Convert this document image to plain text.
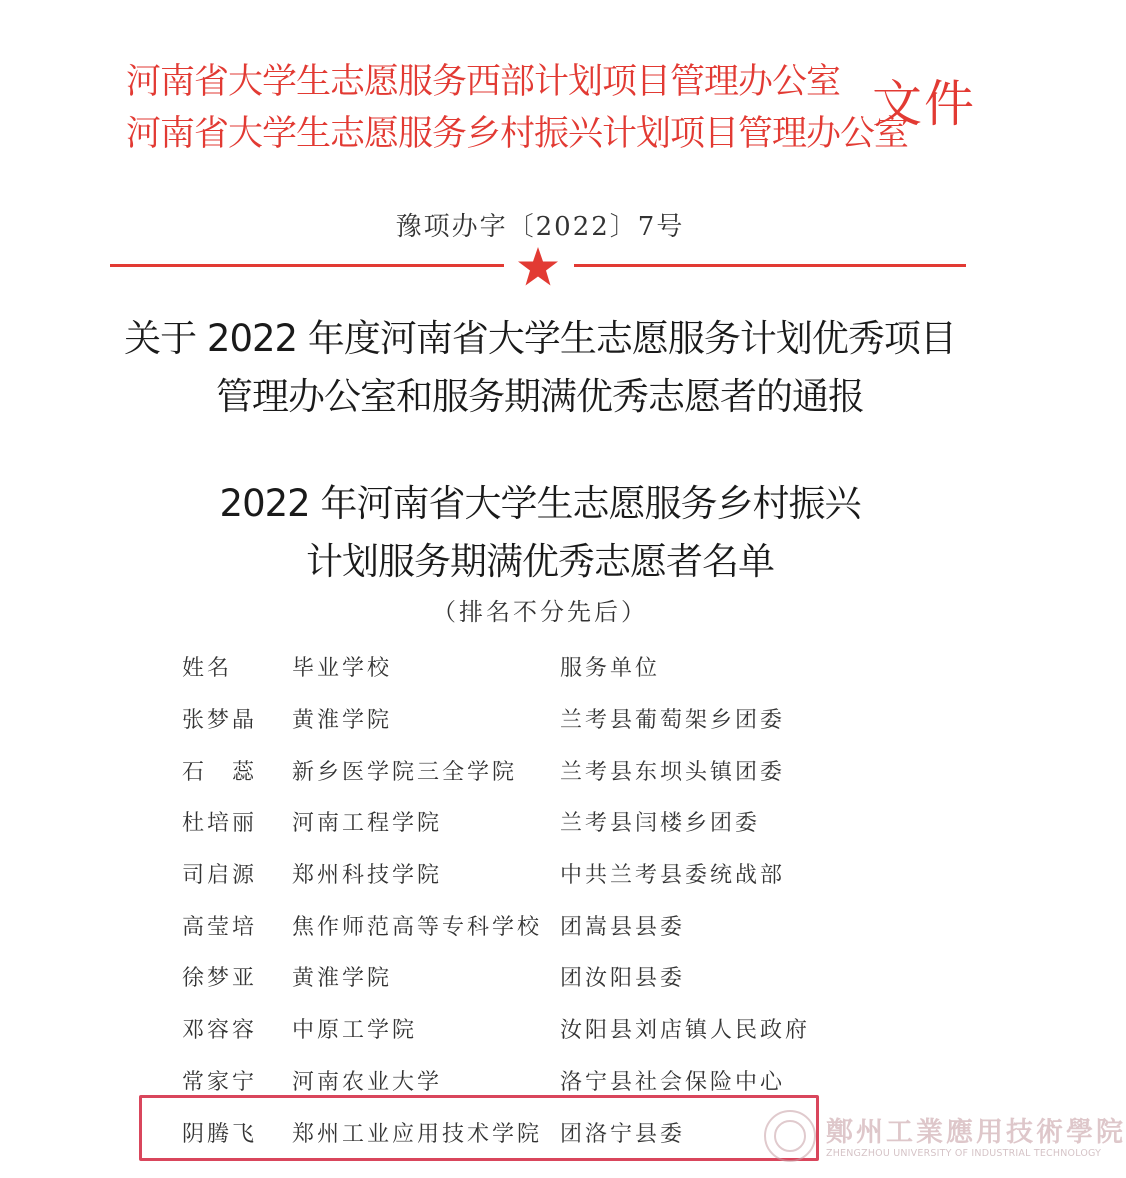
河南省大学生志愿服务西部计划项目管理办公室
河南省大学生志愿服务乡村振兴计划项目管理办公室
文件
豫项办字〔2022〕7号
关于 2022 年度河南省大学生志愿服务计划优秀项目
管理办公室和服务期满优秀志愿者的通报
2022 年河南省大学生志愿服务乡村振兴
计划服务期满优秀志愿者名单
（排名不分先后）
姓名	毕业学校	服务单位
张梦晶	黄淮学院	兰考县葡萄架乡团委
石　蕊	新乡医学院三全学院	兰考县东坝头镇团委
杜培丽	河南工程学院	兰考县闫楼乡团委
司启源	郑州科技学院	中共兰考县委统战部
高莹培	焦作师范高等专科学校	团嵩县县委
徐梦亚	黄淮学院	团汝阳县委
邓容容	中原工学院	汝阳县刘店镇人民政府
常家宁	河南农业大学	洛宁县社会保险中心
阴腾飞	郑州工业应用技术学院	团洛宁县委	鄭州工業應用技術學院
ZHENGZHOU UNIVERSITY OF INDUSTRIAL TECHNOLOGY
